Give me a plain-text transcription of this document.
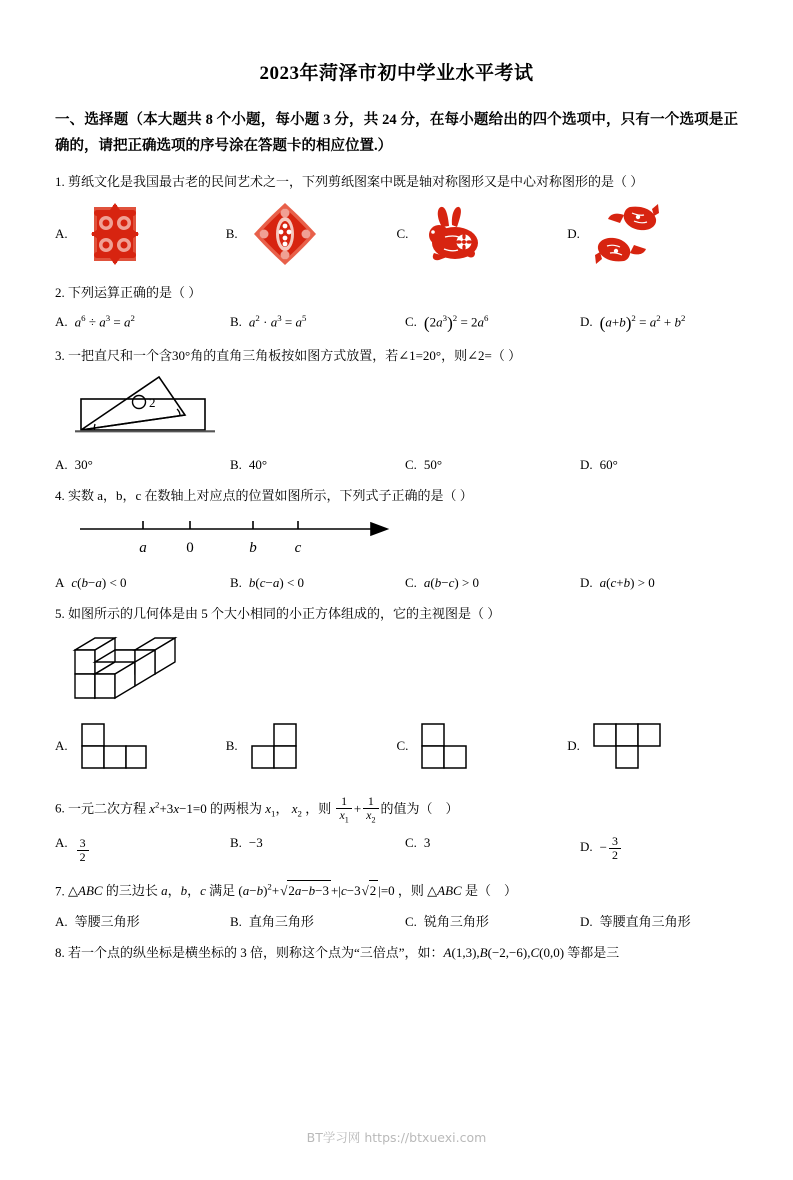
2023年菏泽市初中学业水平考试
一、选择题（本大题共 8 个小题，每小题 3 分，共 24 分，在每小题给出的四个选项中，只有一个选项是正确的，请把正确选项的序号涂在答题卡的相应位置.）
1. 剪纸文化是我国最古老的民间艺术之一，下列剪纸图案中既是轴对称图形又是中心对称图形的是（ ）
A.	B.	C.	D.
2. 下列运算正确的是（ ）
A. $a^6 \div a^3 = a^2$	B. $a^2 \cdot a^3 = a^5$	C. $(2a^3)^2 = 2a^6$	D. $(a+b)^2 = a^2 + b^2$
3. 一把直尺和一个含30°角的直角三角板按如图方式放置，若∠1=20°，则∠2=（ ）
2
A. 30°	B. 40°	C. 50°	D. 60°
4. 实数 a，b，c 在数轴上对应点的位置如图所示，下列式子正确的是（ ）
a	0	b	c
A c(b−a) < 0	B. b(c−a) < 0	C. a(b−c) > 0	D. a(c+b) > 0
5. 如图所示的几何体是由 5 个大小相同的小正方体组成的，它的主视图是（ ）
A.	B.	C.	D.
6. 一元二次方程 $x^2+3x-1=0$ 的两根为 $x_1$， $x_2$ ，则 $\frac{1}{x_1} + \frac{1}{x_2}$ 的值为（    ）
A. $\frac{3}{2}$	B. −3	C. 3	D. − $\frac{3}{2}$
7. △ABC 的三边长 a，b，c 满足 $(a-b)^2+√2a-b-3 +|c-3√2$ |=0 ，则 △ABC 是（    ）
A. 等腰三角形	B. 直角三角形	C. 锐角三角形	D. 等腰直角三角形
8. 若一个点的纵坐标是横坐标的 3 倍，则称这个点为“三倍点”，如：A(1,3),B(−2,−6),C(0,0) 等都是三
BT学习网 https://btxuexi.com
